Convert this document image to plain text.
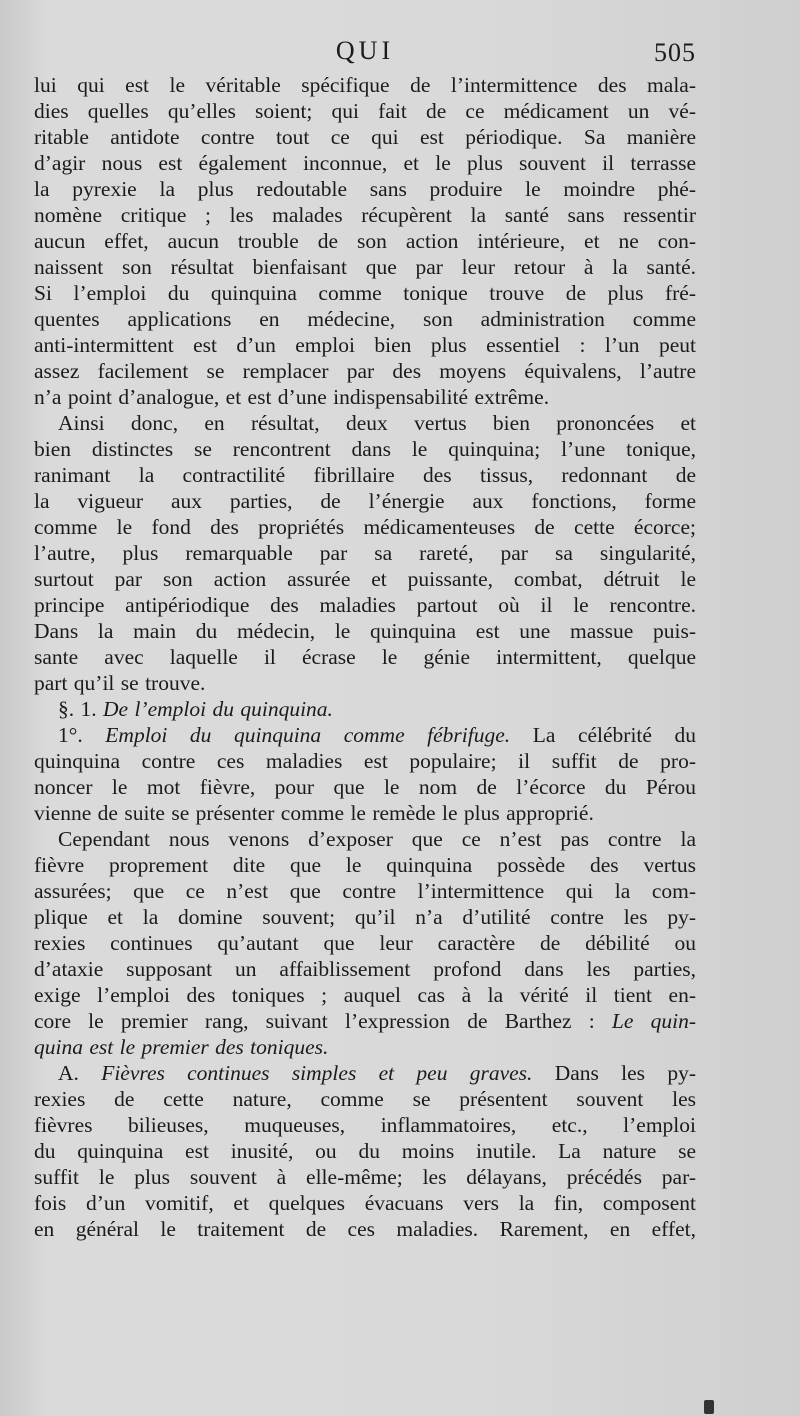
QUI	505
lui qui est le véritable spécifique de l’intermittence des mala-
dies quelles qu’elles soient; qui fait de ce médicament un vé-
ritable antidote contre tout ce qui est périodique. Sa manière
d’agir nous est également inconnue, et le plus souvent il terrasse
la pyrexie la plus redoutable sans produire le moindre phé-
nomène critique ; les malades récupèrent la santé sans ressentir
aucun effet, aucun trouble de son action intérieure, et ne con-
naissent son résultat bienfaisant que par leur retour à la santé.
Si l’emploi du quinquina comme tonique trouve de plus fré-
quentes applications en médecine, son administration comme
anti-intermittent est d’un emploi bien plus essentiel : l’un peut
assez facilement se remplacer par des moyens équivalens, l’autre
n’a point d’analogue, et est d’une indispensabilité extrême.
Ainsi donc, en résultat, deux vertus bien prononcées et
bien distinctes se rencontrent dans le quinquina; l’une tonique,
ranimant la contractilité fibrillaire des tissus, redonnant de
la vigueur aux parties, de l’énergie aux fonctions, forme
comme le fond des propriétés médicamenteuses de cette écorce;
l’autre, plus remarquable par sa rareté, par sa singularité,
surtout par son action assurée et puissante, combat, détruit le
principe antipériodique des maladies partout où il le rencontre.
Dans la main du médecin, le quinquina est une massue puis-
sante avec laquelle il écrase le génie intermittent, quelque
part qu’il se trouve.
§. 1. De l’emploi du quinquina.
1°. Emploi du quinquina comme fébrifuge. La célébrité du
quinquina contre ces maladies est populaire; il suffit de pro-
noncer le mot fièvre, pour que le nom de l’écorce du Pérou
vienne de suite se présenter comme le remède le plus approprié.
Cependant nous venons d’exposer que ce n’est pas contre la
fièvre proprement dite que le quinquina possède des vertus
assurées; que ce n’est que contre l’intermittence qui la com-
plique et la domine souvent; qu’il n’a d’utilité contre les py-
rexies continues qu’autant que leur caractère de débilité ou
d’ataxie supposant un affaiblissement profond dans les parties,
exige l’emploi des toniques ; auquel cas à la vérité il tient en-
core le premier rang, suivant l’expression de Barthez : Le quin-
quina est le premier des toniques.
A. Fièvres continues simples et peu graves. Dans les py-
rexies de cette nature, comme se présentent souvent les
fièvres bilieuses, muqueuses, inflammatoires, etc., l’emploi
du quinquina est inusité, ou du moins inutile. La nature se
suffit le plus souvent à elle-même; les délayans, précédés par-
fois d’un vomitif, et quelques évacuans vers la fin, composent
en général le traitement de ces maladies. Rarement, en effet,
